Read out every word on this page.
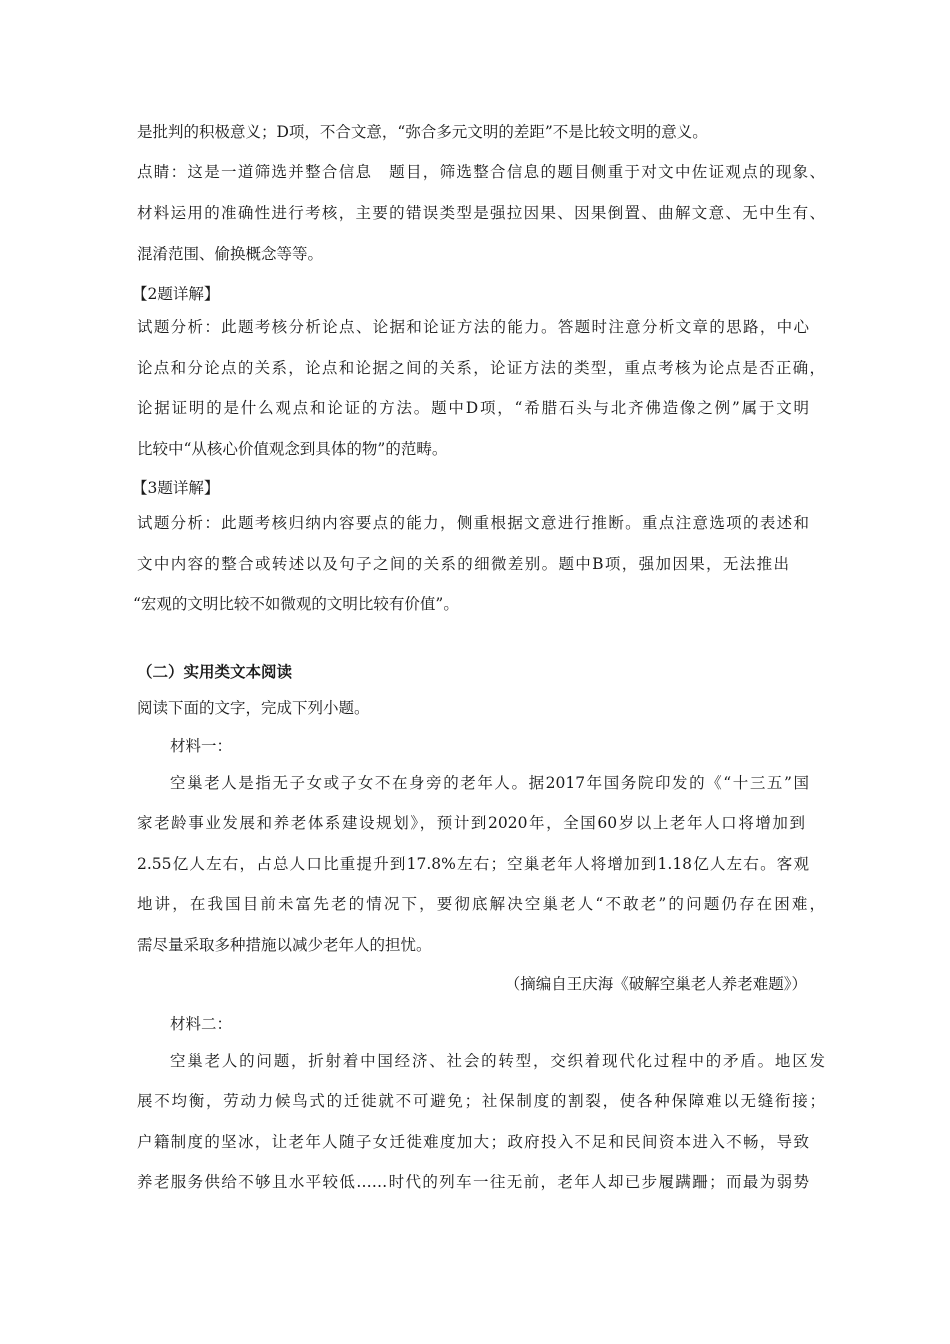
是批判的积极意义；D项，不合文意，“弥合多元文明的差距”不是比较文明的意义。

点睛：这是一道筛选并整合信息　题目，筛选整合信息的题目侧重于对文中佐证观点的现象、

材料运用的准确性进行考核，主要的错误类型是强拉因果、因果倒置、曲解文意、无中生有、

混淆范围、偷换概念等等。

【2题详解】

试题分析：此题考核分析论点、论据和论证方法的能力。答题时注意分析文章的思路，中心

论点和分论点的关系，论点和论据之间的关系，论证方法的类型，重点考核为论点是否正确，

论据证明的是什么观点和论证的方法。题中D项，“希腊石头与北齐佛造像之例”属于文明

比较中“从核心价值观念到具体的物”的范畴。

【3题详解】

试题分析：此题考核归纳内容要点的能力，侧重根据文意进行推断。重点注意选项的表述和

文中内容的整合或转述以及句子之间的关系的细微差别。题中B项，强加因果，无法推出

“宏观的文明比较不如微观的文明比较有价值”。

（二）实用类文本阅读

阅读下面的文字，完成下列小题。

材料一：

空巢老人是指无子女或子女不在身旁的老年人。据2017年国务院印发的《“十三五”国

家老龄事业发展和养老体系建设规划》，预计到2020年，全国60岁以上老年人口将增加到

2.55亿人左右，占总人口比重提升到17.8%左右；空巢老年人将增加到1.18亿人左右。客观

地讲，在我国目前未富先老的情况下，要彻底解决空巢老人“不敢老”的问题仍存在困难，

需尽量采取多种措施以减少老年人的担忧。

（摘编自王庆海《破解空巢老人养老难题》）

材料二：

空巢老人的问题，折射着中国经济、社会的转型，交织着现代化过程中的矛盾。地区发

展不均衡，劳动力候鸟式的迁徙就不可避免；社保制度的割裂，使各种保障难以无缝衔接；

户籍制度的坚冰，让老年人随子女迁徙难度加大；政府投入不足和民间资本进入不畅，导致

养老服务供给不够且水平较低……时代的列车一往无前，老年人却已步履蹒跚；而最为弱势
